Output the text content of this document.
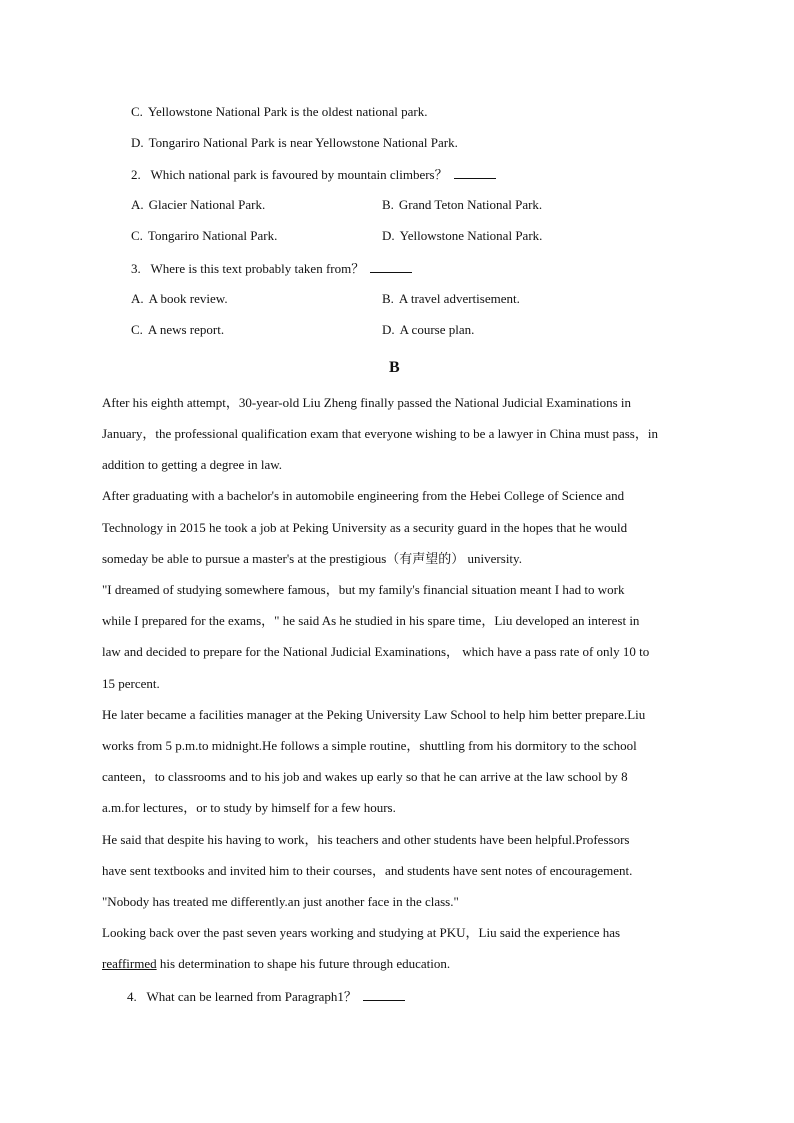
C. Yellowstone National Park is the oldest national park.
D. Tongariro National Park is near Yellowstone National Park.
2. Which national park is favoured by mountain climbers？
A. Glacier National Park.	B. Grand Teton National Park.
C. Tongariro National Park.	D. Yellowstone National Park.
3. Where is this text probably taken from？
A. A book review.	B. A travel advertisement.
C. A news report.	D. A course plan.
B
After his eighth attempt，30-year-old Liu Zheng finally passed the National Judicial Examinations in
January，the professional qualification exam that everyone wishing to be a lawyer in China must pass，in
addition to getting a degree in law.
After graduating with a bachelor's in automobile engineering from the Hebei College of Science and
Technology in 2015 he took a job at Peking University as a security guard in the hopes that he would
someday be able to pursue a master's at the prestigious（有声望的） university.
"I dreamed of studying somewhere famous，but my family's financial situation meant I had to work
while I prepared for the exams，" he said As he studied in his spare time，Liu developed an interest in
law and decided to prepare for the National Judicial Examinations， which have a pass rate of only 10 to
15 percent.
He later became a facilities manager at the Peking University Law School to help him better prepare.Liu
works from 5 p.m.to midnight.He follows a simple routine，shuttling from his dormitory to the school
canteen，to classrooms and to his job and wakes up early so that he can arrive at the law school by 8
a.m.for lectures，or to study by himself for a few hours.
He said that despite his having to work，his teachers and other students have been helpful.Professors
have sent textbooks and invited him to their courses，and students have sent notes of encouragement.
"Nobody has treated me differently.an just another face in the class."
Looking back over the past seven years working and studying at PKU，Liu said the experience has
reaffirmed his determination to shape his future through education.
4. What can be learned from Paragraph1？
